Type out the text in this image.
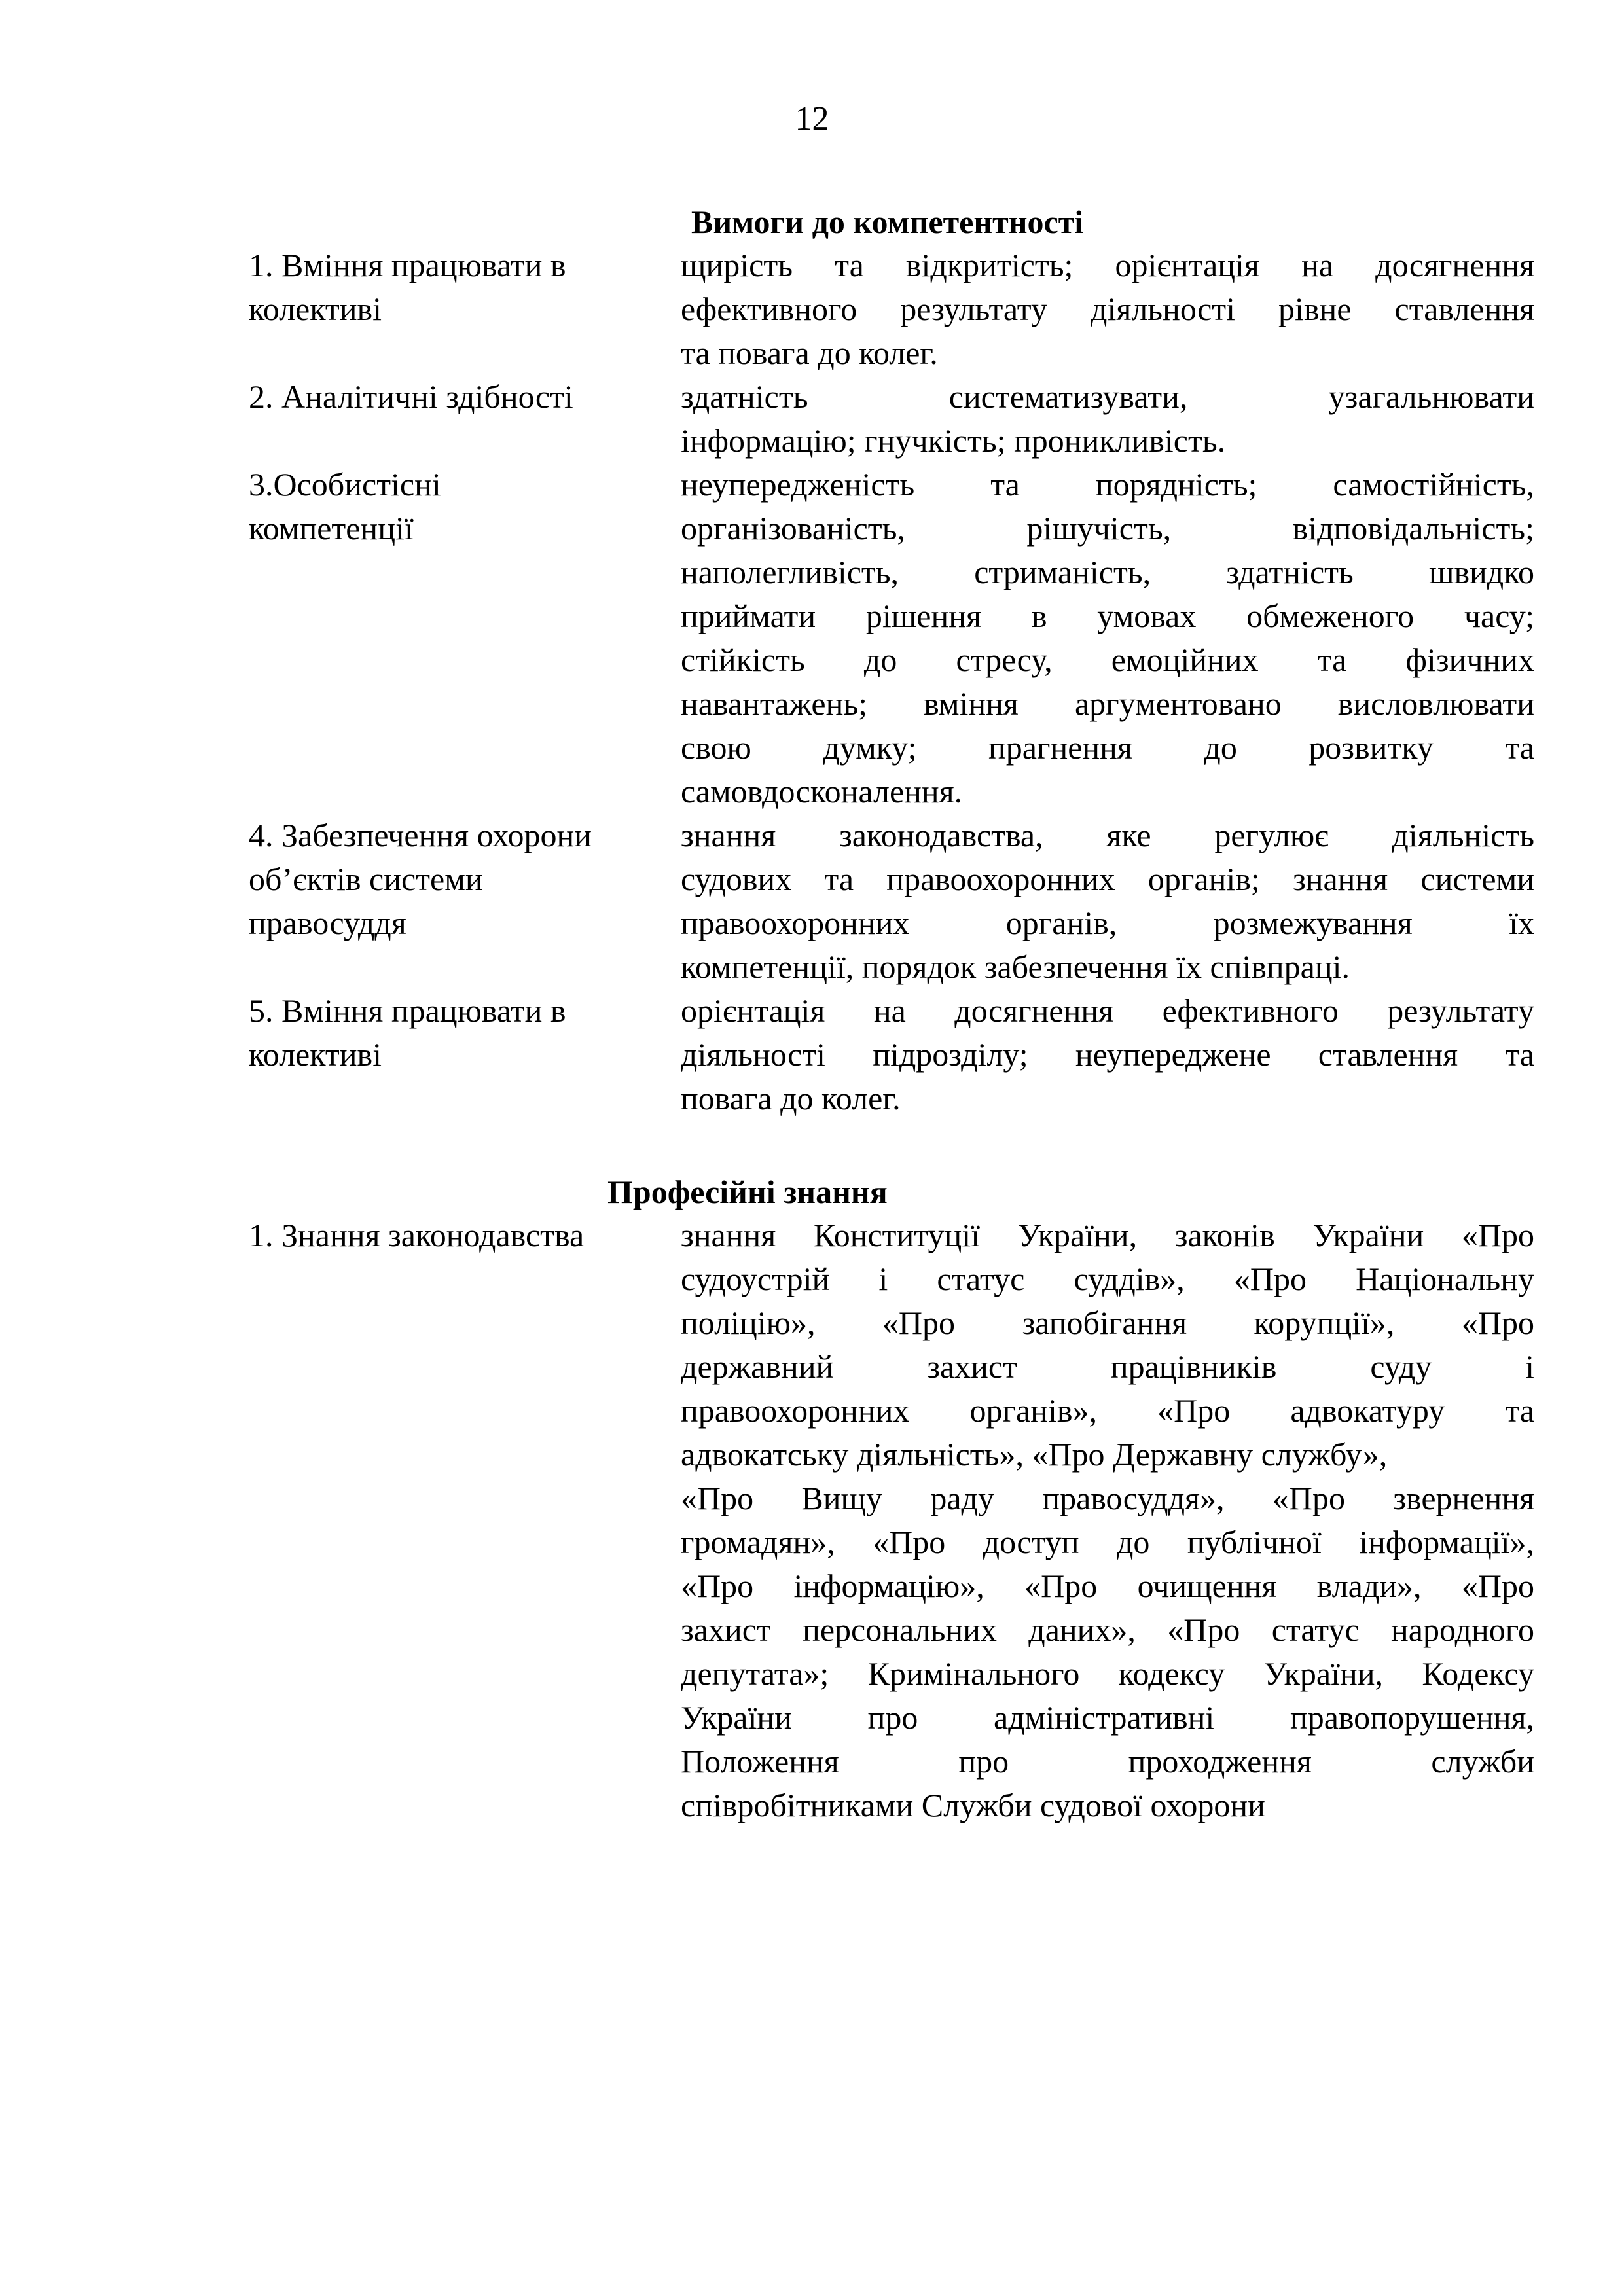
12
Вимоги до компетентності
1. Вміння працювати в
колективі
щирість та відкритість; орієнтація на досягнення
ефективного результату діяльності рівне ставлення
та повага до колег.
2. Аналітичні здібності	здатність систематизувати, узагальнювати
інформацію; гнучкість; проникливість.
3.Особистісні
компетенції
неупередженість та порядність; самостійність,
організованість, рішучість, відповідальність;
наполегливість, стриманість, здатність швидко
приймати рішення в умовах обмеженого часу;
стійкість до стресу, емоційних та фізичних
навантажень; вміння аргументовано висловлювати
свою думку; прагнення до розвитку та
самовдосконалення.
4. Забезпечення охорони
об’єктів системи
правосуддя
знання законодавства, яке регулює діяльність
судових та правоохоронних органів; знання системи
правоохоронних органів, розмежування їх
компетенції, порядок забезпечення їх співпраці.
5. Вміння працювати в
колективі
орієнтація на досягнення ефективного результату
діяльності підрозділу; неупереджене ставлення та
повага до колег.
Професійні знання
1. Знання законодавства	знання Конституції України, законів України «Про
судоустрій і статус суддів», «Про Національну
поліцію», «Про запобігання корупції», «Про
державний захист працівників суду і
правоохоронних органів», «Про адвокатуру та
адвокатську діяльність», «Про Державну службу»,
«Про Вищу раду правосуддя», «Про звернення
громадян», «Про доступ до публічної інформації»,
«Про інформацію», «Про очищення влади», «Про
захист персональних даних», «Про статус народного
депутата»; Кримінального кодексу України, Кодексу
України про адміністративні правопорушення,
Положення про проходження служби
співробітниками Служби судової охорони
